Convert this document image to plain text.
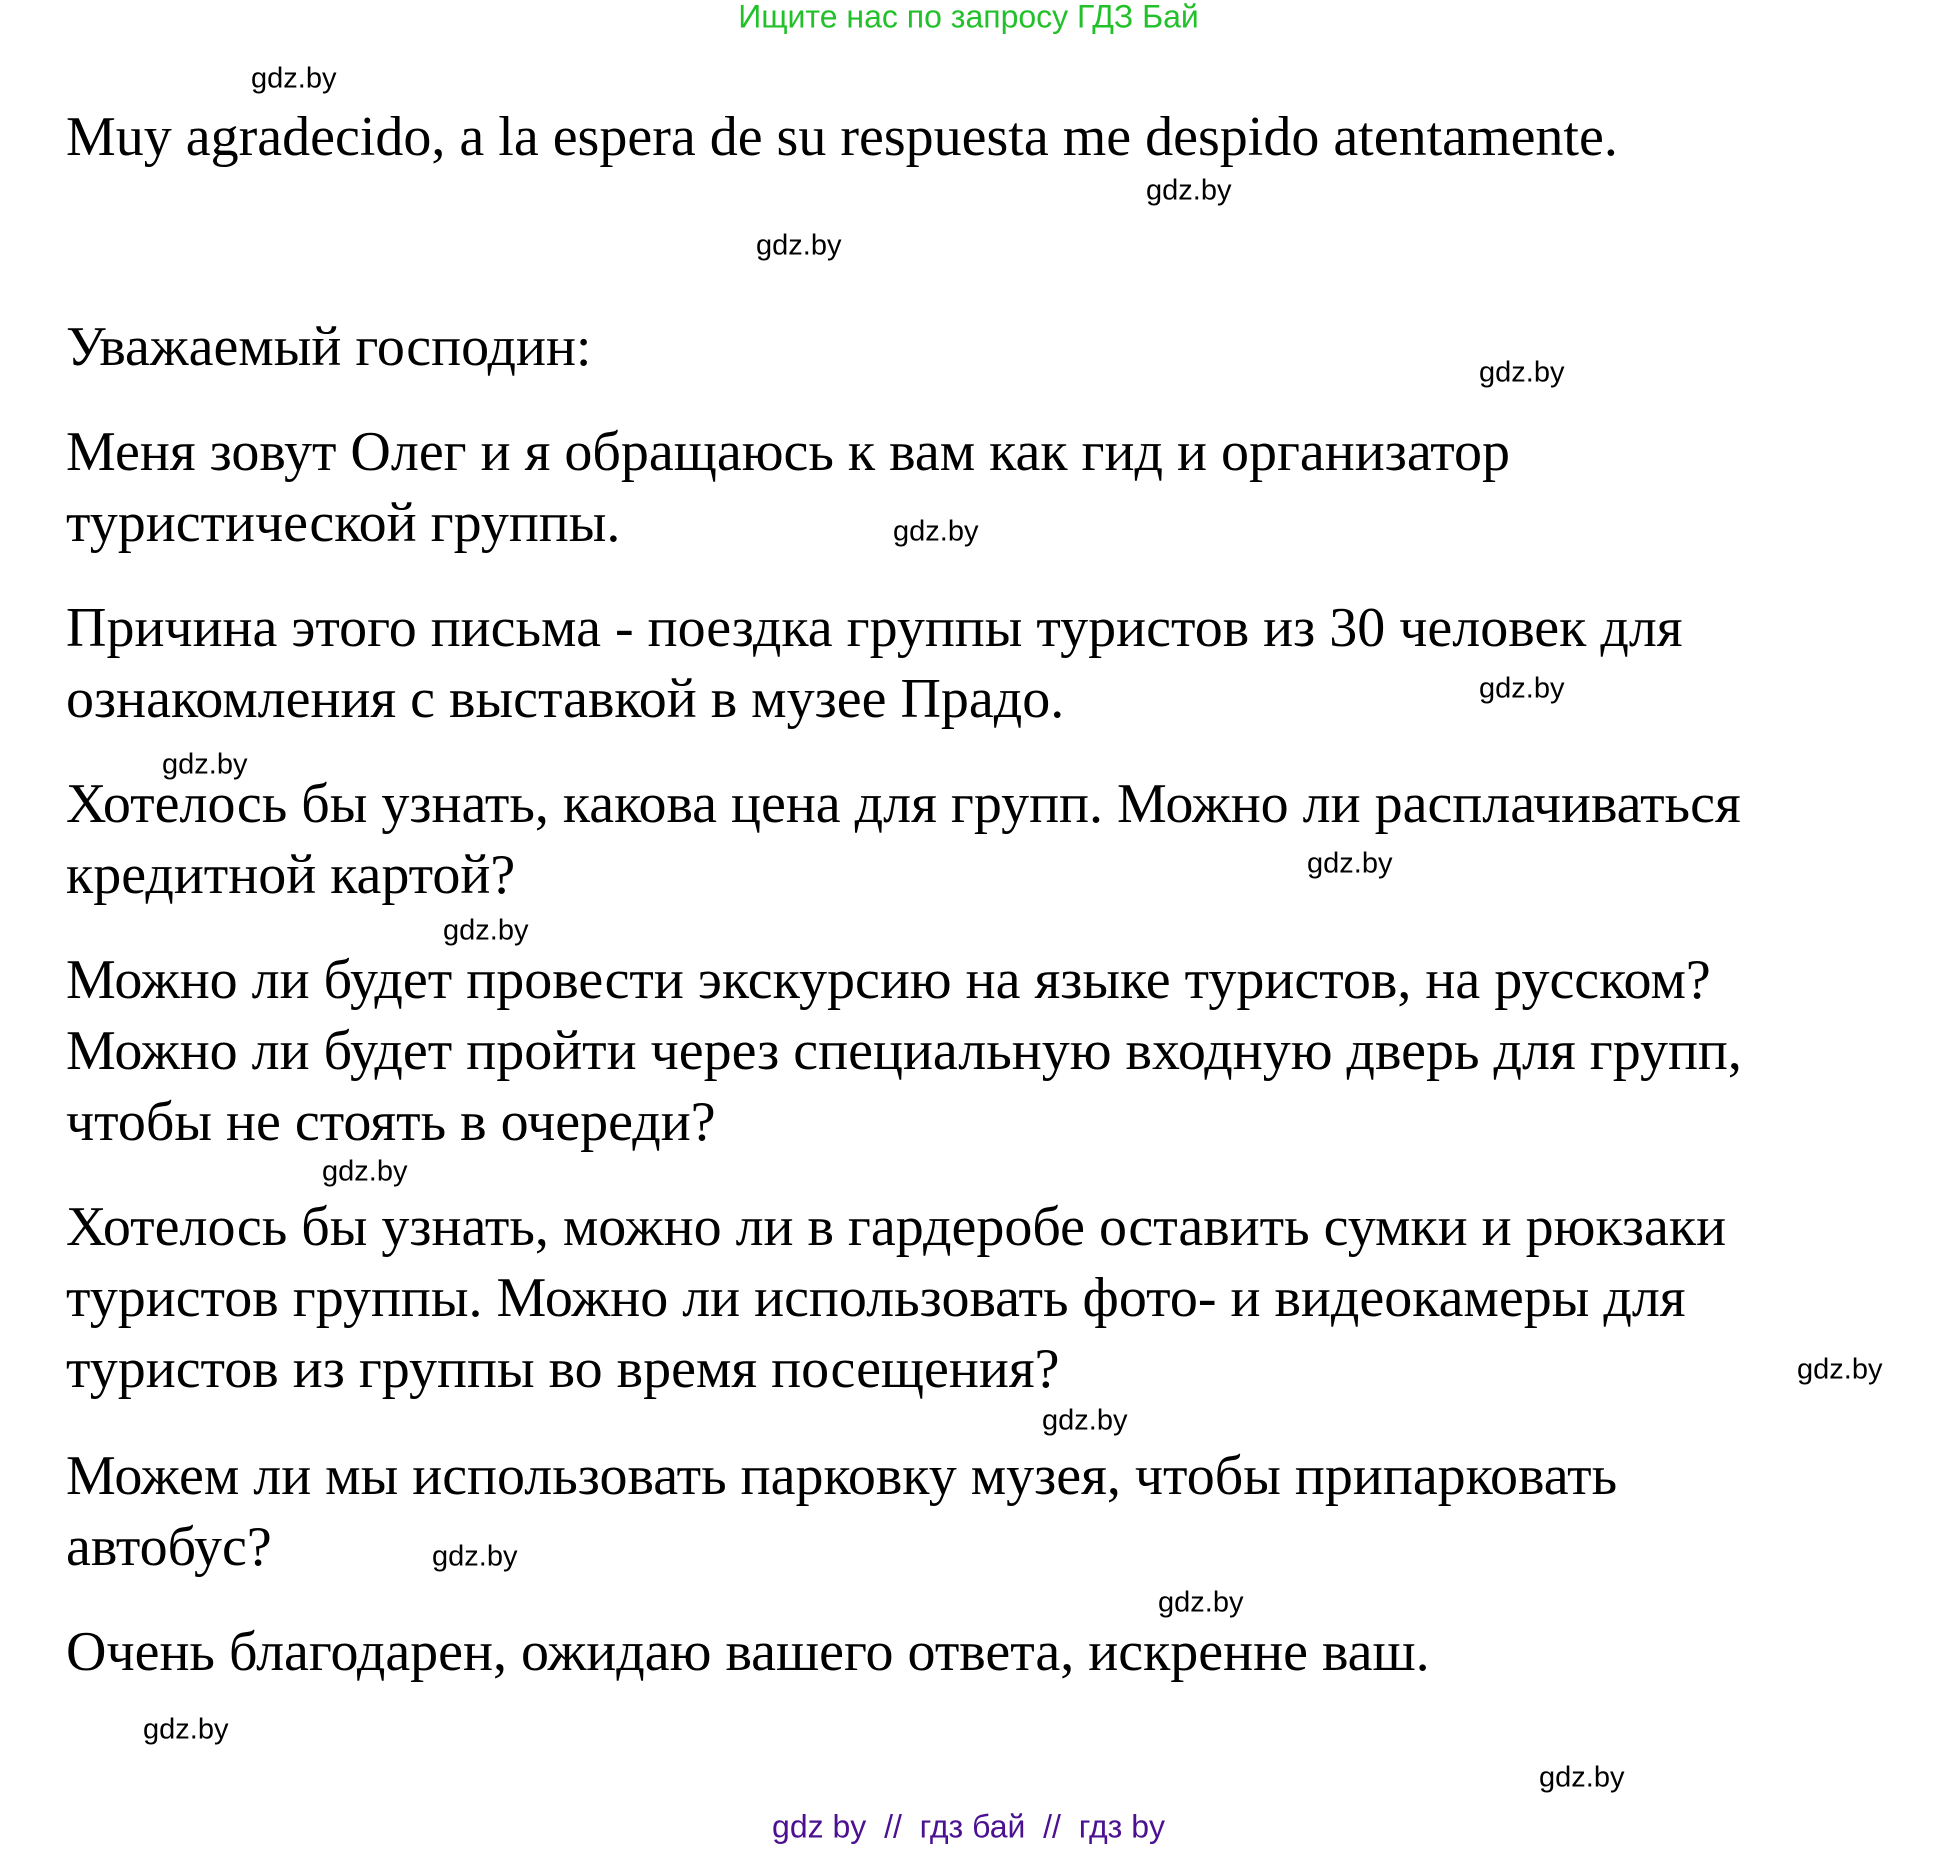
Ищите нас по запросу ГДЗ Бай
Muy agradecido, a la espera de su respuesta me despido atentamente.
Уважаемый господин:
Меня зовут Олег и я обращаюсь к вам как гид и организатор
туристической группы.
Причина этого письма - поездка группы туристов из 30 человек для
ознакомления с выставкой в музее Прадо.
Хотелось бы узнать, какова цена для групп. Можно ли расплачиваться
кредитной картой?
Можно ли будет провести экскурсию на языке туристов, на русском?
Можно ли будет пройти через специальную входную дверь для групп,
чтобы не стоять в очереди?
Хотелось бы узнать, можно ли в гардеробе оставить сумки и рюкзаки
туристов группы. Можно ли использовать фото- и видеокамеры для
туристов из группы во время посещения?
Можем ли мы использовать парковку музея, чтобы припарковать
автобус?
Очень благодарен, ожидаю вашего ответа, искренне ваш.
gdz.by
gdz.by
gdz.by
gdz.by
gdz.by
gdz.by
gdz.by
gdz.by
gdz.by
gdz.by
gdz.by
gdz.by
gdz.by
gdz.by
gdz.by
gdz.by
gdz by  //  гдз бай  //  гдз by
